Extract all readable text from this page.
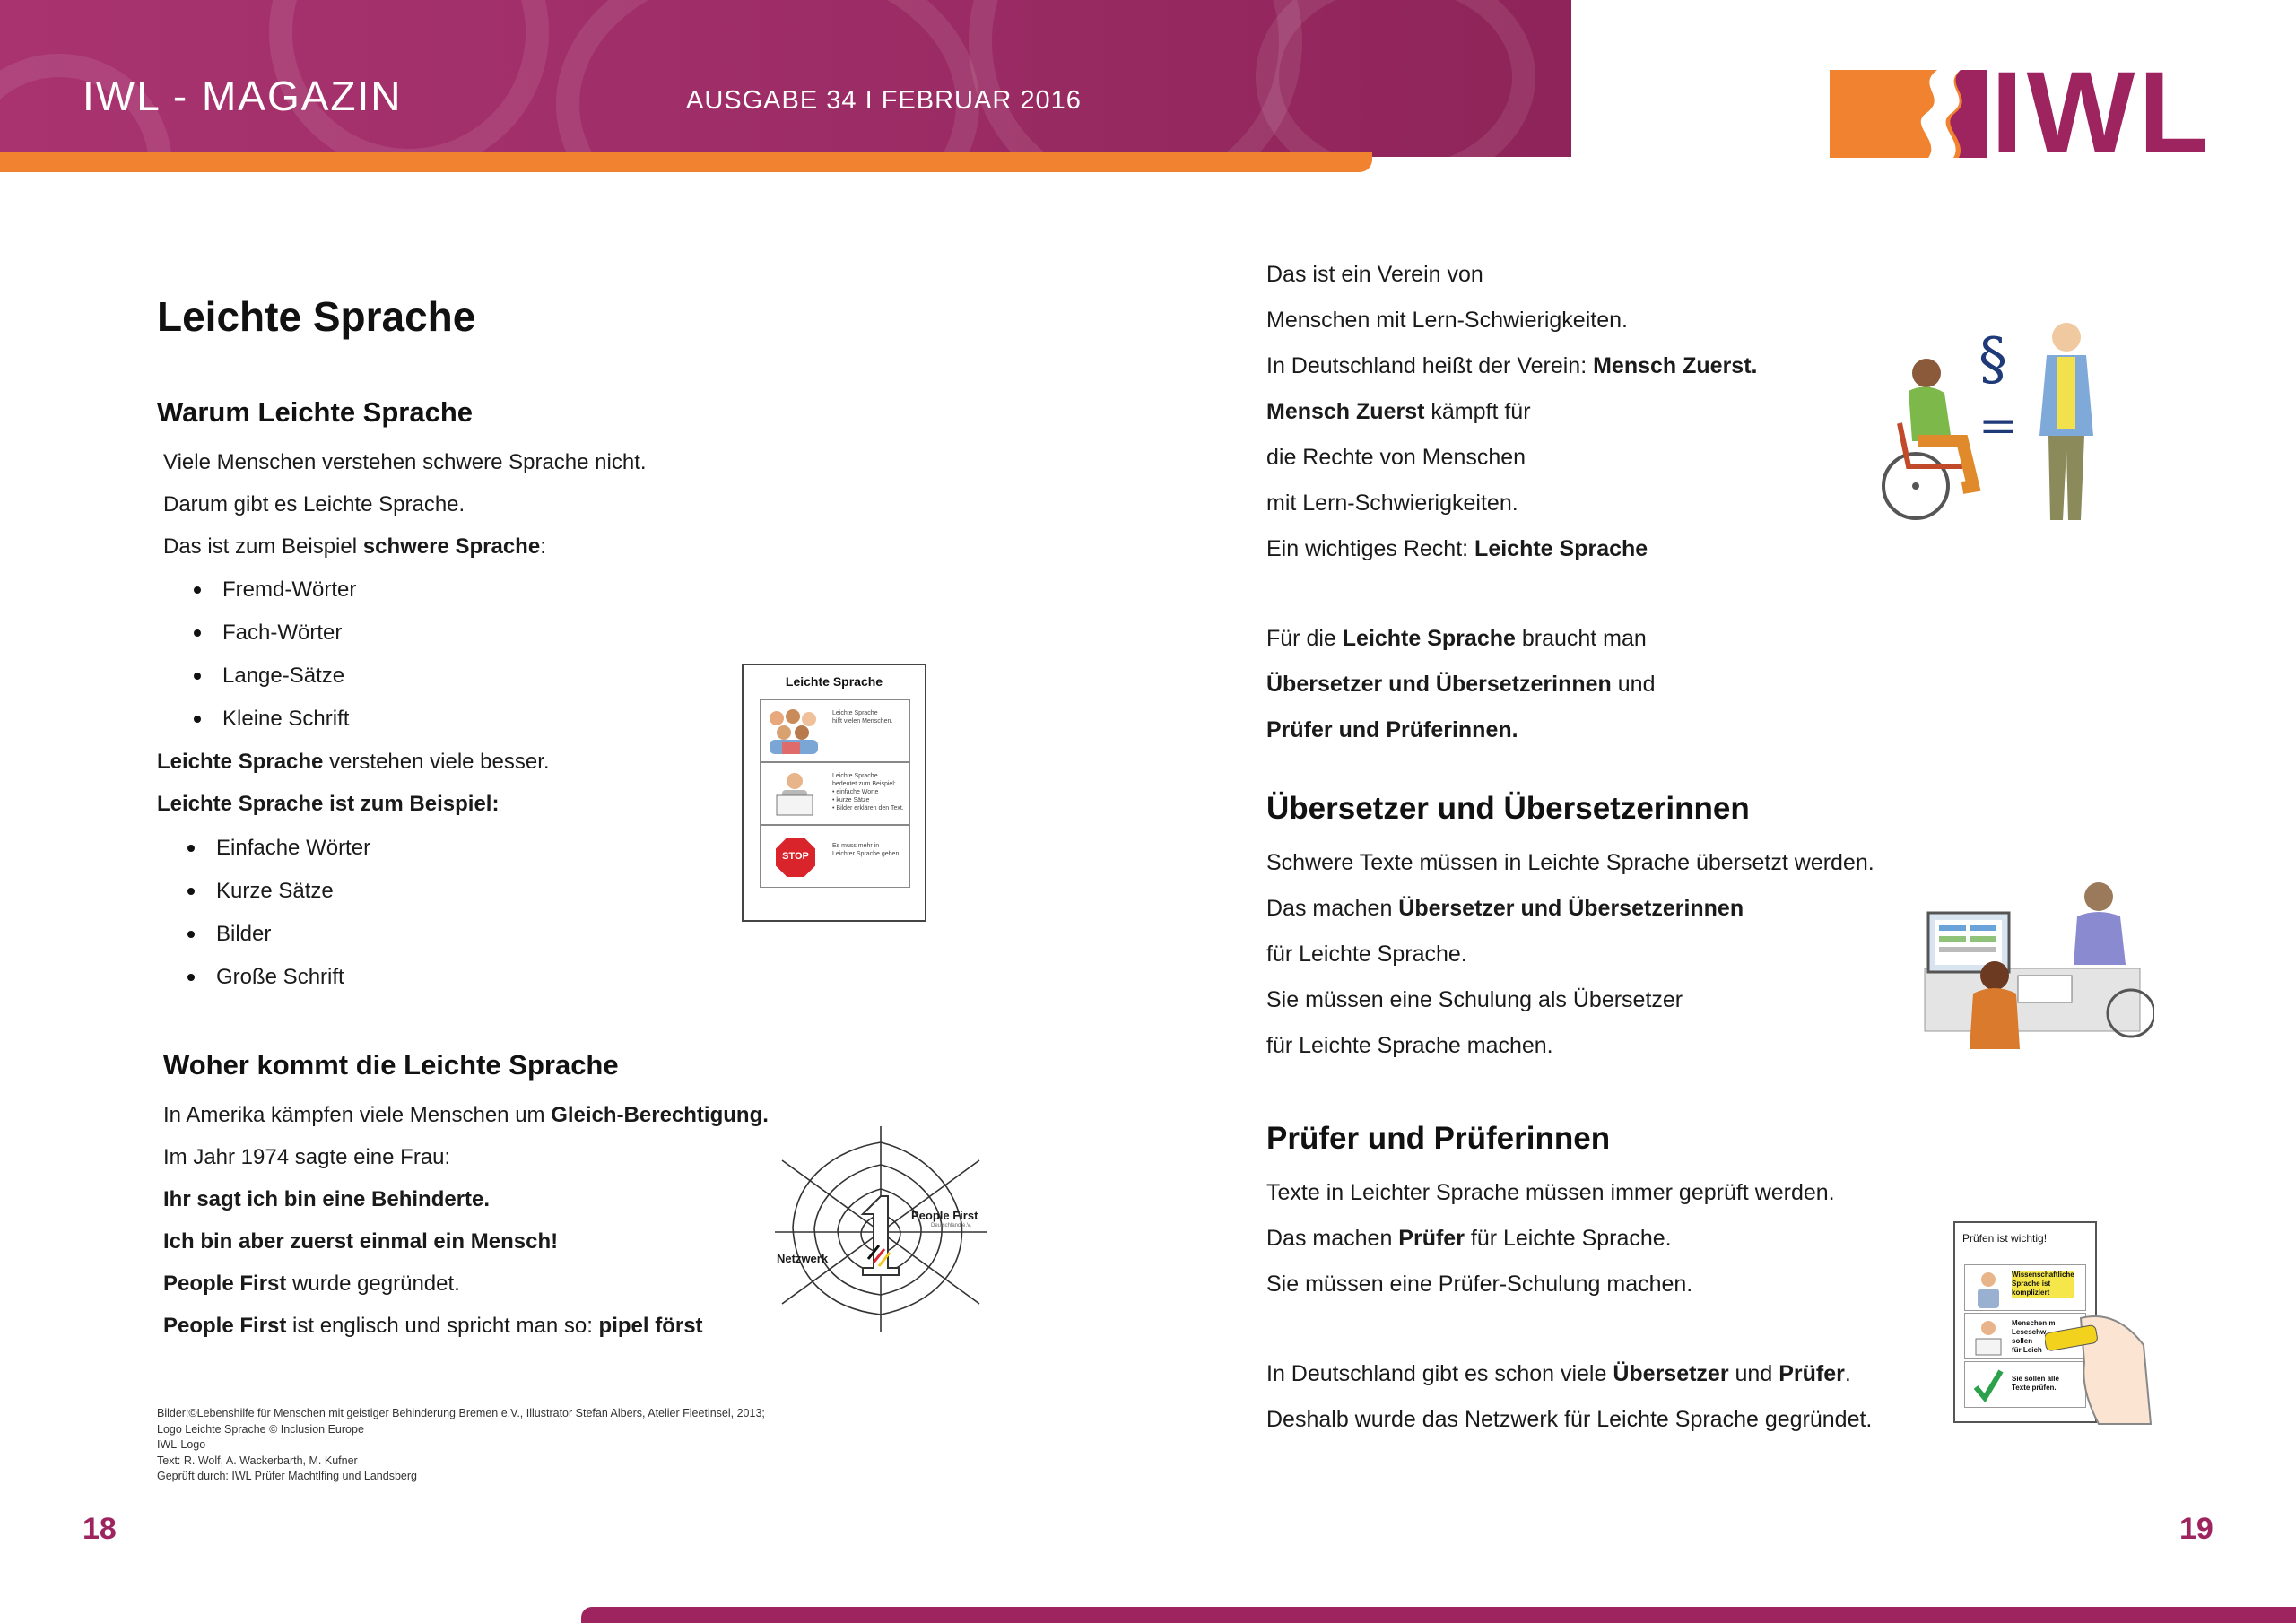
IWL - MAGAZIN	AUSGABE 34 I FEBRUAR 2016	IWL
Leichte Sprache
Warum Leichte Sprache
Viele Menschen verstehen schwere Sprache nicht.
Darum gibt es Leichte Sprache.
Das ist zum Beispiel schwere Sprache:
Fremd-Wörter
Fach-Wörter
Lange-Sätze
Kleine Schrift
Leichte Sprache verstehen viele besser.
Leichte Sprache ist zum Beispiel:
Einfache Wörter
Kurze Sätze
Bilder
Große Schrift
Leichte Sprache
Leichte Sprache
hilft vielen Menschen.
Leichte Sprache
bedeutet zum Beispiel:
• einfache Worte
• kurze Sätze
• Bilder erklären den Text.
STOP
Es muss mehr in
Leichter Sprache geben.
Woher kommt die Leichte Sprache
In Amerika kämpfen viele Menschen um Gleich-Berechtigung.
Im Jahr 1974 sagte eine Frau:
Ihr sagt ich bin eine Behinderte.
Ich bin aber zuerst einmal ein Mensch!
People First wurde gegründet.
People First ist englisch und spricht man so: pipel först
Netzwerk
People First
Deutschland e.V.
Bilder:©Lebenshilfe für Menschen mit geistiger Behinderung Bremen e.V., Illustrator Stefan Albers, Atelier Fleetinsel, 2013;
Logo Leichte Sprache © Inclusion Europe
IWL-Logo
Text: R. Wolf, A. Wackerbarth, M. Kufner
Geprüft durch: IWL Prüfer Machtlfing und Landsberg
18
Das ist ein Verein von
Menschen mit Lern-Schwierigkeiten.
In Deutschland heißt der Verein: Mensch Zuerst.
Mensch Zuerst kämpft für
die Rechte von Menschen
mit Lern-Schwierigkeiten.
Ein wichtiges Recht: Leichte Sprache
§
=
Für die Leichte Sprache braucht man
Übersetzer und Übersetzerinnen und
Prüfer und Prüferinnen.
Übersetzer und Übersetzerinnen
Schwere Texte müssen in Leichte Sprache übersetzt werden.
Das machen Übersetzer und Übersetzerinnen
für Leichte Sprache.
Sie müssen eine Schulung als Übersetzer
für Leichte Sprache machen.
Prüfer und Prüferinnen
Texte in Leichter Sprache müssen immer geprüft werden.
Das machen Prüfer für Leichte Sprache.
Sie müssen eine Prüfer-Schulung machen.
In Deutschland gibt es schon viele Übersetzer und Prüfer.
Deshalb wurde das Netzwerk für Leichte Sprache gegründet.
Prüfen ist wichtig!
Wissenschaftliche
Sprache ist
kompliziert
Menschen m
Leseschw
sollen
für Leich
Sie sollen alle
Texte prüfen.
19
